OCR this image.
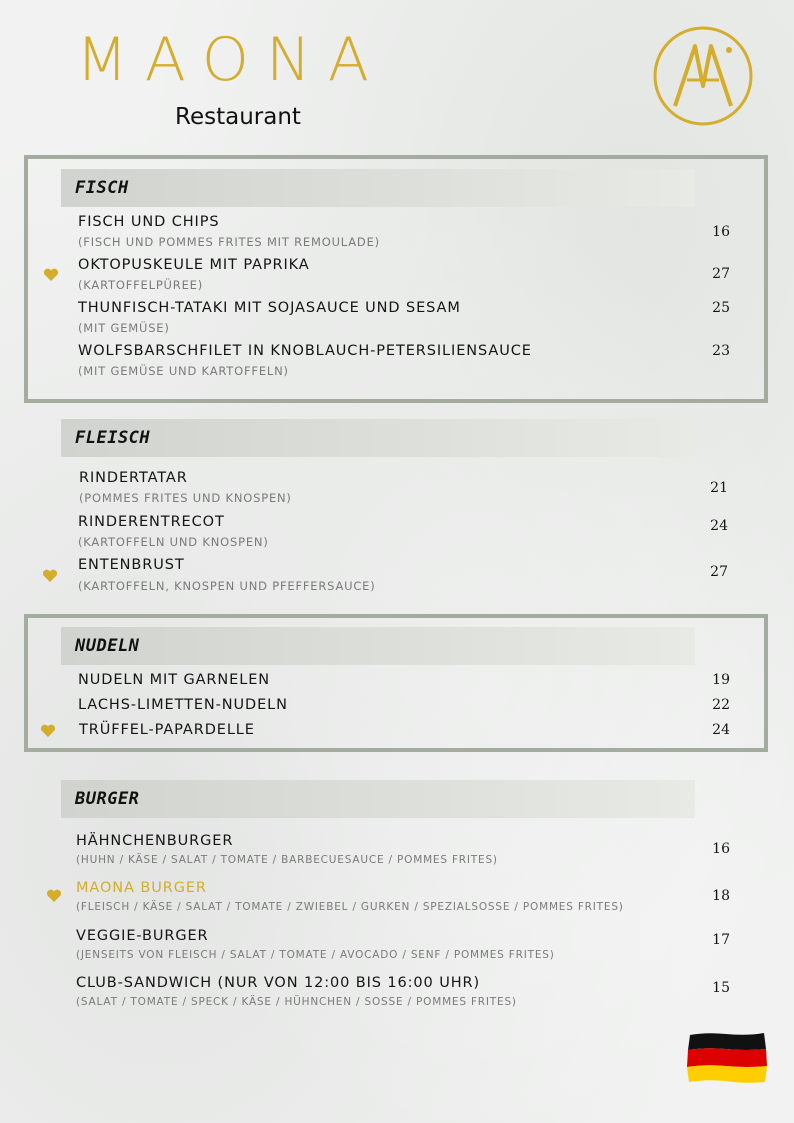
MAONA
Restaurant
FISCH
FISCH UND CHIPS
(FISCH UND POMMES FRITES MIT REMOULADE)
16
OKTOPUSKEULE MIT PAPRIKA
(KARTOFFELPÜREE)
27
THUNFISCH-TATAKI MIT SOJASAUCE UND SESAM
(MIT GEMÜSE)
25
WOLFSBARSCHFILET IN KNOBLAUCH-PETERSILIENSAUCE
(MIT GEMÜSE UND KARTOFFELN)
23
FLEISCH
RINDERTATAR
(POMMES FRITES UND KNOSPEN)
21
RINDERENTRECOT
(KARTOFFELN UND KNOSPEN)
24
ENTENBRUST
(KARTOFFELN, KNOSPEN UND PFEFFERSAUCE)
27
NUDELN
NUDELN MIT GARNELEN	19
LACHS-LIMETTEN-NUDELN	22
TRÜFFEL-PAPARDELLE	24
BURGER
HÄHNCHENBURGER
(HUHN / KÄSE / SALAT / TOMATE / BARBECUESAUCE / POMMES FRITES)
16
MAONA BURGER
(FLEISCH / KÄSE / SALAT / TOMATE / ZWIEBEL / GURKEN / SPEZIALSOSSE / POMMES FRITES)
18
VEGGIE-BURGER
(JENSEITS VON FLEISCH / SALAT / TOMATE / AVOCADO / SENF / POMMES FRITES)
17
CLUB-SANDWICH (NUR VON 12:00 BIS 16:00 UHR)
(SALAT / TOMATE / SPECK / KÄSE / HÜHNCHEN / SOSSE / POMMES FRITES)
15
